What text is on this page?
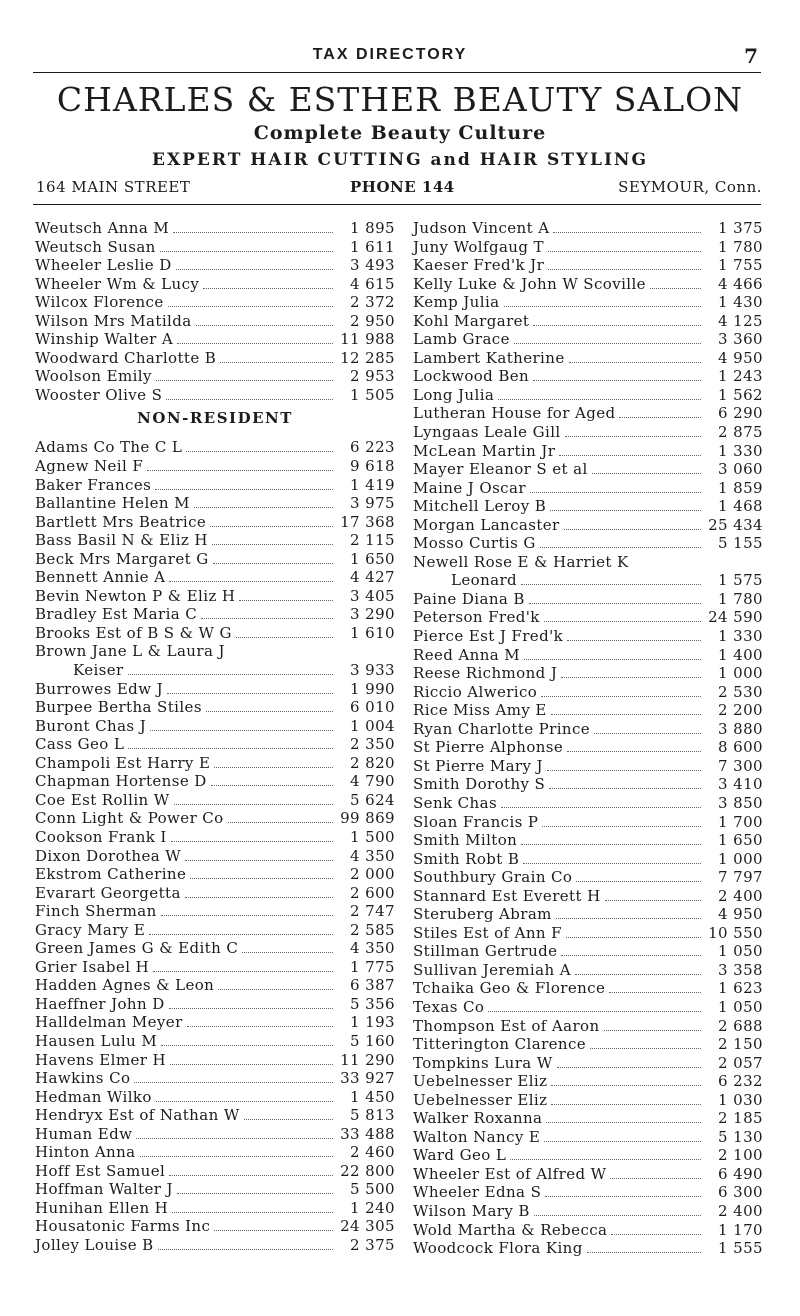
TAX DIRECTORY	7
CHARLES & ESTHER BEAUTY SALON
Complete Beauty Culture
EXPERT HAIR CUTTING and HAIR STYLING
164 MAIN STREET	PHONE 144	SEYMOUR, Conn.
Weutsch Anna M	1 895
Weutsch Susan	1 611
Wheeler Leslie D	3 493
Wheeler Wm & Lucy	4 615
Wilcox Florence	2 372
Wilson Mrs Matilda	2 950
Winship Walter A	11 988
Woodward Charlotte B	12 285
Woolson Emily	2 953
Wooster Olive S	1 505
NON-RESIDENT
Adams Co The C L	6 223
Agnew Neil F	9 618
Baker Frances	1 419
Ballantine Helen M	3 975
Bartlett Mrs Beatrice	17 368
Bass Basil N & Eliz H	2 115
Beck Mrs Margaret G	1 650
Bennett Annie A	4 427
Bevin Newton P & Eliz H	3 405
Bradley Est Maria C	3 290
Brooks Est of B S & W G	1 610
Brown Jane L & Laura J
Keiser	3 933
Burrowes Edw J	1 990
Burpee Bertha Stiles	6 010
Buront Chas J	1 004
Cass Geo L	2 350
Champoli Est Harry E	2 820
Chapman Hortense D	4 790
Coe Est Rollin W	5 624
Conn Light & Power Co	99 869
Cookson Frank I	1 500
Dixon Dorothea W	4 350
Ekstrom Catherine	2 000
Evarart Georgetta	2 600
Finch Sherman	2 747
Gracy Mary E	2 585
Green James G & Edith C	4 350
Grier Isabel H	1 775
Hadden Agnes & Leon	6 387
Haeffner John D	5 356
Halldelman Meyer	1 193
Hausen Lulu M	5 160
Havens Elmer H	11 290
Hawkins Co	33 927
Hedman Wilko	1 450
Hendryx Est of Nathan W	5 813
Human Edw	33 488
Hinton Anna	2 460
Hoff Est Samuel	22 800
Hoffman Walter J	5 500
Hunihan Ellen H	1 240
Housatonic Farms Inc	24 305
Jolley Louise B	2 375
Judson Vincent A	1 375
Juny Wolfgaug T	1 780
Kaeser Fred'k Jr	1 755
Kelly Luke & John W Scoville	4 466
Kemp Julia	1 430
Kohl Margaret	4 125
Lamb Grace	3 360
Lambert Katherine	4 950
Lockwood Ben	1 243
Long Julia	1 562
Lutheran House for Aged	6 290
Lyngaas Leale Gill	2 875
McLean Martin Jr	1 330
Mayer Eleanor S et al	3 060
Maine J Oscar	1 859
Mitchell Leroy B	1 468
Morgan Lancaster	25 434
Mosso Curtis G	5 155
Newell Rose E & Harriet K
Leonard	1 575
Paine Diana B	1 780
Peterson Fred'k	24 590
Pierce Est J Fred'k	1 330
Reed Anna M	1 400
Reese Richmond J	1 000
Riccio Alwerico	2 530
Rice Miss Amy E	2 200
Ryan Charlotte Prince	3 880
St Pierre Alphonse	8 600
St Pierre Mary J	7 300
Smith Dorothy S	3 410
Senk Chas	3 850
Sloan Francis P	1 700
Smith Milton	1 650
Smith Robt B	1 000
Southbury Grain Co	7 797
Stannard Est Everett H	2 400
Steruberg Abram	4 950
Stiles Est of Ann F	10 550
Stillman Gertrude	1 050
Sullivan Jeremiah A	3 358
Tchaika Geo & Florence	1 623
Texas Co	1 050
Thompson Est of Aaron	2 688
Titterington Clarence	2 150
Tompkins Lura W	2 057
Uebelnesser Eliz	6 232
Uebelnesser Eliz	1 030
Walker Roxanna	2 185
Walton Nancy E	5 130
Ward Geo L	2 100
Wheeler Est of Alfred W	6 490
Wheeler Edna S	6 300
Wilson Mary B	2 400
Wold Martha & Rebecca	1 170
Woodcock Flora King	1 555
